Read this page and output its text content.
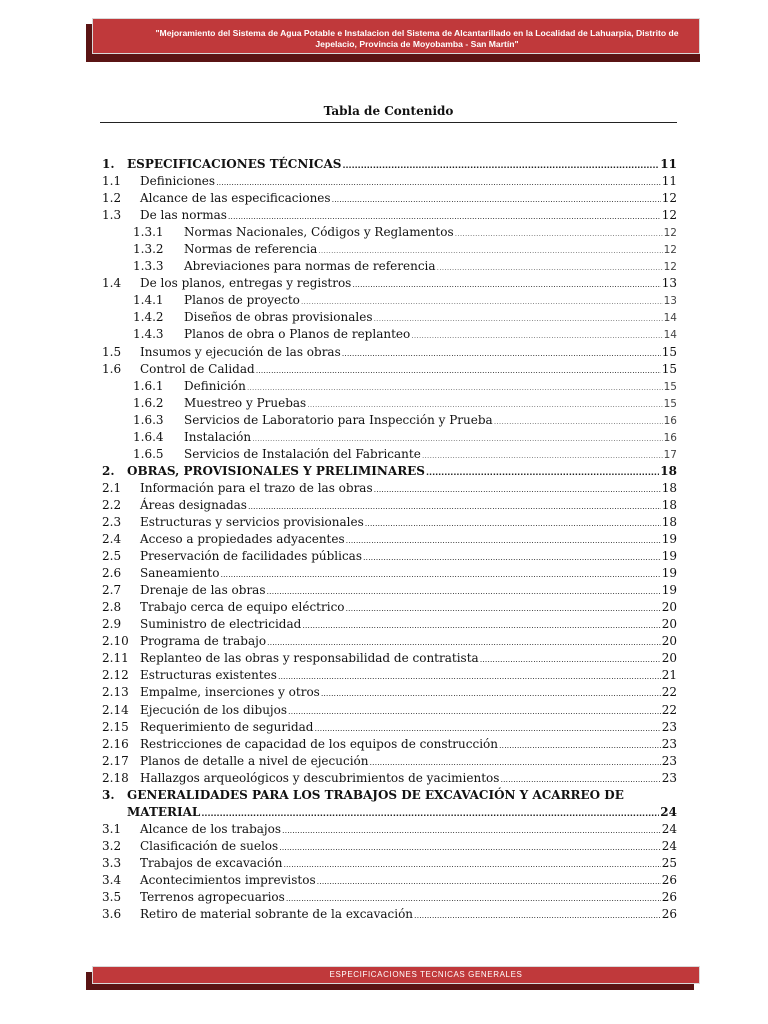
"Mejoramiento del Sistema de Agua Potable e Instalacion del Sistema de Alcantarillado en la Localidad de Lahuarpia, Distrito de
Jepelacio, Provincia de Moyobamba - San Martín"
Tabla de Contenido
1.	ESPECIFICACIONES TÉCNICAS .....	11
1.1	Definiciones .....	11
1.2	Alcance de las especificaciones .....	12
1.3	De las normas .....	12
1.3.1	Normas Nacionales, Códigos y Reglamentos .....	12
1.3.2	Normas de referencia .....	12
1.3.3	Abreviaciones para normas de referencia .....	12
1.4	De los planos, entregas y registros .....	13
1.4.1	Planos de proyecto .....	13
1.4.2	Diseños de obras provisionales .....	14
1.4.3	Planos de obra o Planos de replanteo .....	14
1.5	Insumos y ejecución de las obras .....	15
1.6	Control de Calidad .....	15
1.6.1	Definición .....	15
1.6.2	Muestreo y Pruebas .....	15
1.6.3	Servicios de Laboratorio para Inspección y Prueba .....	16
1.6.4	Instalación .....	16
1.6.5	Servicios de Instalación del Fabricante .....	17
2.	OBRAS, PROVISIONALES Y PRELIMINARES .....	18
2.1	Información para el trazo de las obras .....	18
2.2	Áreas designadas .....	18
2.3	Estructuras y servicios provisionales .....	18
2.4	Acceso a propiedades adyacentes .....	19
2.5	Preservación de facilidades públicas .....	19
2.6	Saneamiento .....	19
2.7	Drenaje de las obras .....	19
2.8	Trabajo cerca de equipo eléctrico .....	20
2.9	Suministro de electricidad .....	20
2.10 Programa de trabajo .....	20
2.11 Replanteo de las obras y responsabilidad de contratista .....	20
2.12 Estructuras existentes .....	21
2.13 Empalme, inserciones y otros .....	22
2.14 Ejecución de los dibujos .....	22
2.15 Requerimiento de seguridad .....	23
2.16 Restricciones de capacidad de los equipos de construcción .....	23
2.17 Planos de detalle a nivel de ejecución .....	23
2.18 Hallazgos arqueológicos y descubrimientos de yacimientos .....	23
3.	GENERALIDADES PARA LOS TRABAJOS DE EXCAVACIÓN Y ACARREO DE
MATERIAL .....	24
3.1	Alcance de los trabajos .....	24
3.2	Clasificación de suelos .....	24
3.3	Trabajos de excavación .....	25
3.4	Acontecimientos imprevistos .....	26
3.5	Terrenos agropecuarios .....	26
3.6	Retiro de material sobrante de la excavación .....	26
ESPECIFICACIONES TECNICAS GENERALES
